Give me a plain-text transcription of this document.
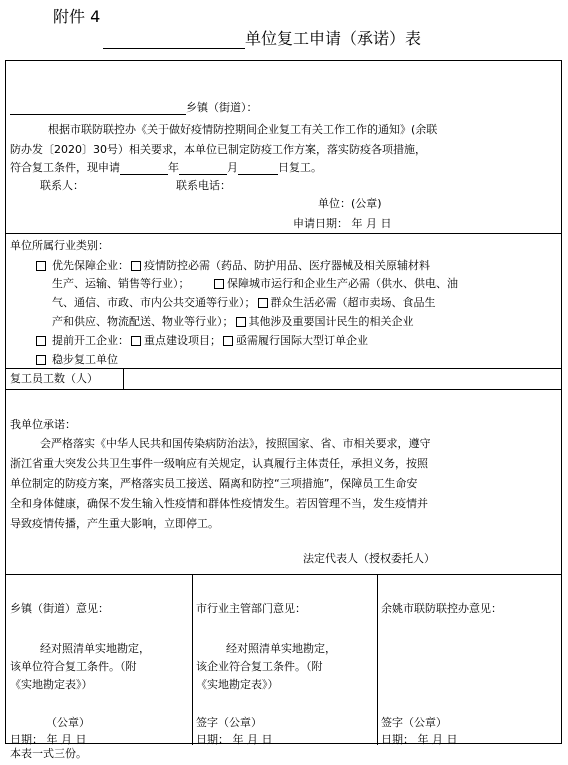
附件 4
单位复工申请（承诺）表
乡镇（街道）：
根据市联防联控办《关于做好疫情防控期间企业复工有关工作工作的通知》(余联
防办发〔2020〕30号）相关要求，本单位已制定防疫工作方案，落实防疫各项措施，
符合复工条件，现申请	年	月	日复工。
联系人：	联系电话：
单位：(公章)
申请日期： 年 月 日
单位所属行业类别：
优先保障企业： 疫情防控必需（药品、防护用品、医疗器械及相关原辅材料
生产、运输、销售等行业）；	保障城市运行和企业生产必需（供水、供电、油
气、通信、市政、市内公共交通等行业）； 群众生活必需（超市卖场、食品生
产和供应、物流配送、物业等行业）； 其他涉及重要国计民生的相关企业
提前开工企业： 重点建设项目； 亟需履行国际大型订单企业
稳步复工单位
复工员工数（人）
我单位承诺：
会严格落实《中华人民共和国传染病防治法》，按照国家、省、市相关要求，遵守
浙江省重大突发公共卫生事件一级响应有关规定，认真履行主体责任，承担义务，按照
单位制定的防疫方案，严格落实员工接送、隔离和防控“三项措施”，保障员工生命安
全和身体健康，确保不发生输入性疫情和群体性疫情发生。若因管理不当，发生疫情并
导致疫情传播，产生重大影响，立即停工。
法定代表人（授权委托人）
乡镇（街道）意见：
经对照清单实地勘定，
该单位符合复工条件。（附
《实地勘定表》）
（公章）
日期： 年 月 日
市行业主管部门意见：
经对照清单实地勘定，
该企业符合复工条件。（附
《实地勘定表》）
签字（公章）
日期： 年 月 日
余姚市联防联控办意见：
签字（公章）
日期： 年 月 日
本表一式三份。
